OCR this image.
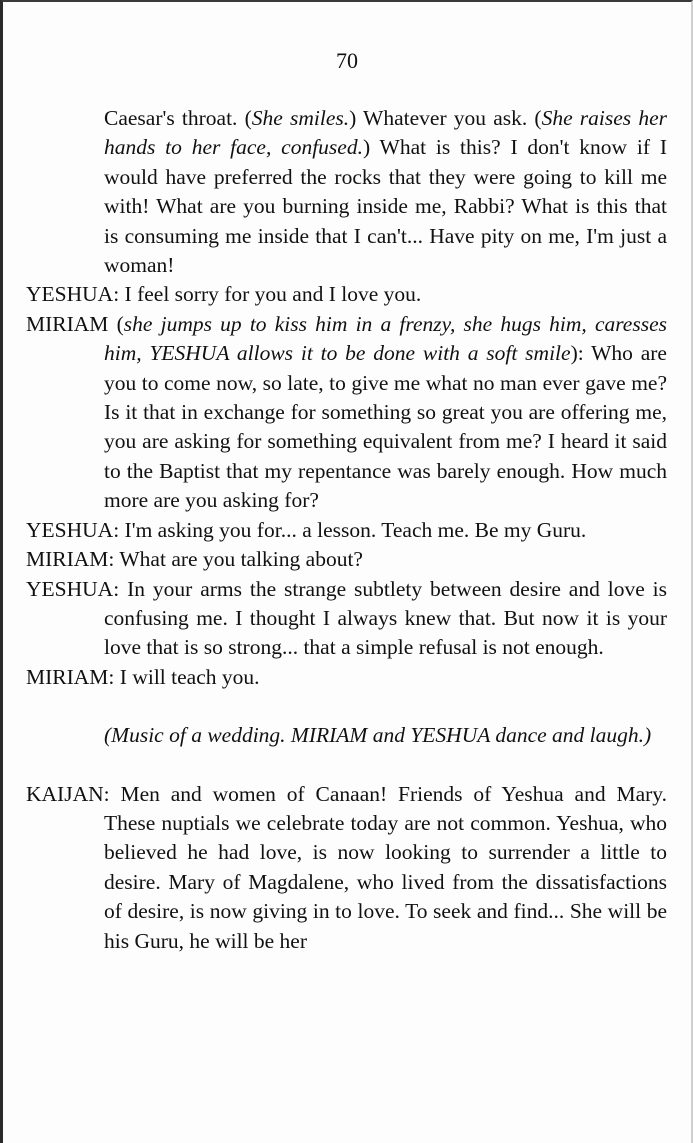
70

Caesar's throat. (She smiles.) Whatever you ask. (She raises her hands to her face, confused.) What is this? I don't know if I would have preferred the rocks that they were going to kill me with! What are you burning inside me, Rabbi? What is this that is consuming me inside that I can't... Have pity on me, I'm just a woman!

YESHUA: I feel sorry for you and I love you.

MIRIAM (she jumps up to kiss him in a frenzy, she hugs him, caresses him, YESHUA allows it to be done with a soft smile): Who are you to come now, so late, to give me what no man ever gave me? Is it that in exchange for something so great you are offering me, you are asking for something equivalent from me? I heard it said to the Baptist that my repentance was barely enough. How much more are you asking for?

YESHUA: I'm asking you for... a lesson. Teach me. Be my Guru.

MIRIAM: What are you talking about?

YESHUA: In your arms the strange subtlety between desire and love is confusing me. I thought I always knew that. But now it is your love that is so strong... that a simple refusal is not enough.

MIRIAM: I will teach you.

(Music of a wedding. MIRIAM and YESHUA dance and laugh.)

KAIJAN: Men and women of Canaan! Friends of Yeshua and Mary. These nuptials we celebrate today are not common. Yeshua, who believed he had love, is now looking to surrender a little to desire. Mary of Magdalene, who lived from the dissatisfactions of desire, is now giving in to love. To seek and find... She will be his Guru, he will be her
